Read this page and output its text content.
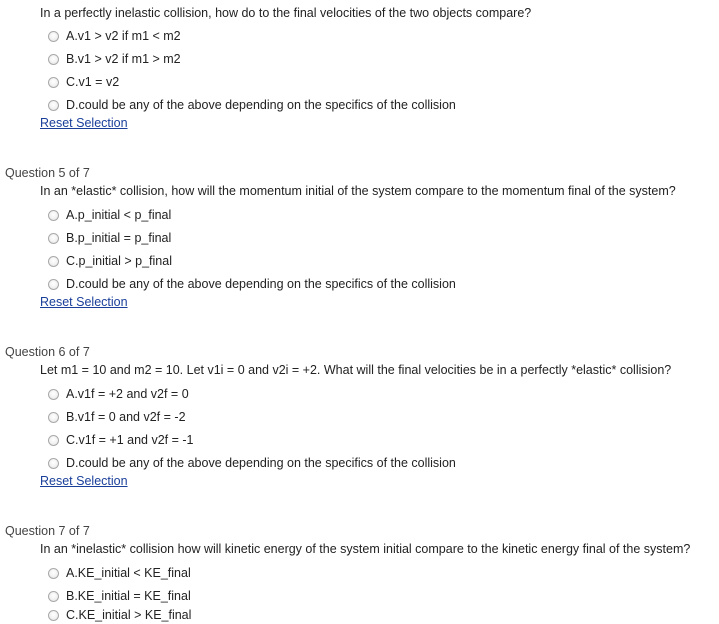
In a perfectly inelastic collision, how do to the final velocities of the two objects compare?
A.v1 > v2 if m1 < m2
B.v1 > v2 if m1 > m2
C.v1 = v2
D.could be any of the above depending on the specifics of the collision
Reset Selection
Question 5 of 7
In an *elastic* collision, how will the momentum initial of the system compare to the momentum final of the system?
A.p_initial < p_final
B.p_initial = p_final
C.p_initial > p_final
D.could be any of the above depending on the specifics of the collision
Reset Selection
Question 6 of 7
Let m1 = 10 and m2 = 10. Let v1i = 0 and v2i = +2. What will the final velocities be in a perfectly *elastic* collision?
A.v1f = +2 and v2f = 0
B.v1f = 0 and v2f = -2
C.v1f = +1 and v2f = -1
D.could be any of the above depending on the specifics of the collision
Reset Selection
Question 7 of 7
In an *inelastic* collision how will kinetic energy of the system initial compare to the kinetic energy final of the system?
A.KE_initial < KE_final
B.KE_initial = KE_final
C.KE_initial > KE_final
